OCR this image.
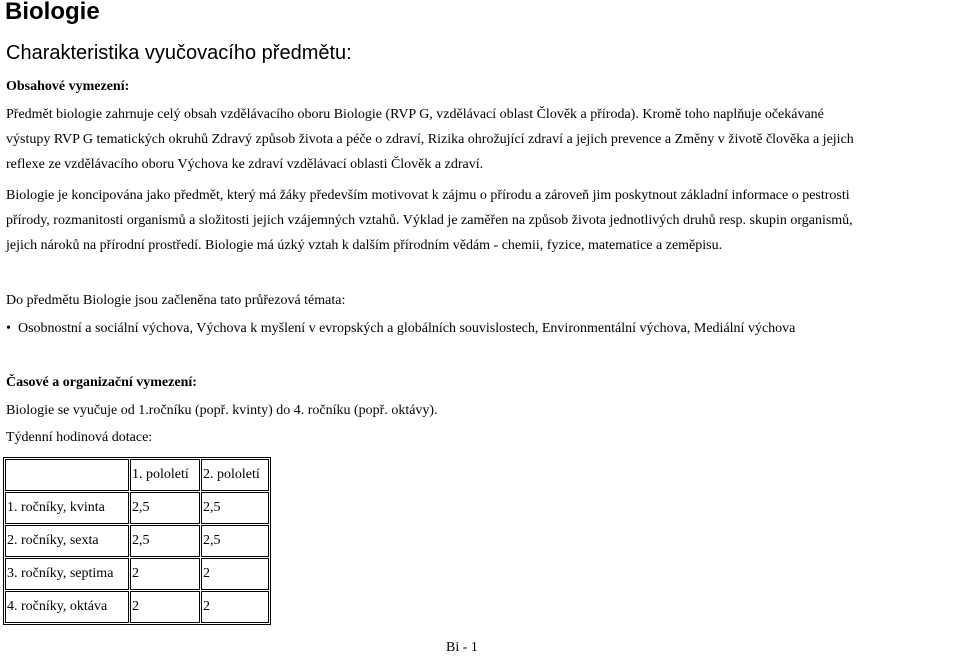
Biologie
Charakteristika vyučovacího předmětu:
Obsahové vymezení:
Předmět biologie zahrnuje celý obsah vzdělávacího oboru Biologie (RVP G, vzdělávací oblast Člověk a příroda). Kromě toho naplňuje očekávané
výstupy RVP G tematických okruhů Zdravý způsob života a péče o zdraví, Rizika ohrožující zdraví a jejich prevence a Změny v životě člověka a jejich
reflexe ze vzdělávacího oboru Výchova ke zdraví vzdělávací oblasti Člověk a zdraví.
Biologie je koncipována jako předmět, který má žáky především motivovat k zájmu o přírodu a zároveň jim poskytnout základní informace o pestrosti
přírody, rozmanitosti organismů a složitosti jejich vzájemných vztahů. Výklad je zaměřen na způsob života jednotlivých druhů resp. skupin organismů,
jejich nároků na přírodní prostředí. Biologie má úzký vztah k dalším přírodním vědám - chemii, fyzice, matematice a zeměpisu.
Do předmětu Biologie jsou začleněna tato průřezová témata:
• Osobnostní a sociální výchova, Výchova k myšlení v evropských a globálních souvislostech, Environmentální výchova, Mediální výchova
Časové a organizační vymezení:
Biologie se vyučuje od 1.ročníku (popř. kvinty) do 4. ročníku (popř. oktávy).
Týdenní hodinová dotace:
	1. pololetí	2. pololetí
1. ročníky, kvinta	2,5	2,5
2. ročníky, sexta	2,5	2,5
3. ročníky, septima	2	2
4. ročníky, oktáva	2	2
Bi - 1
